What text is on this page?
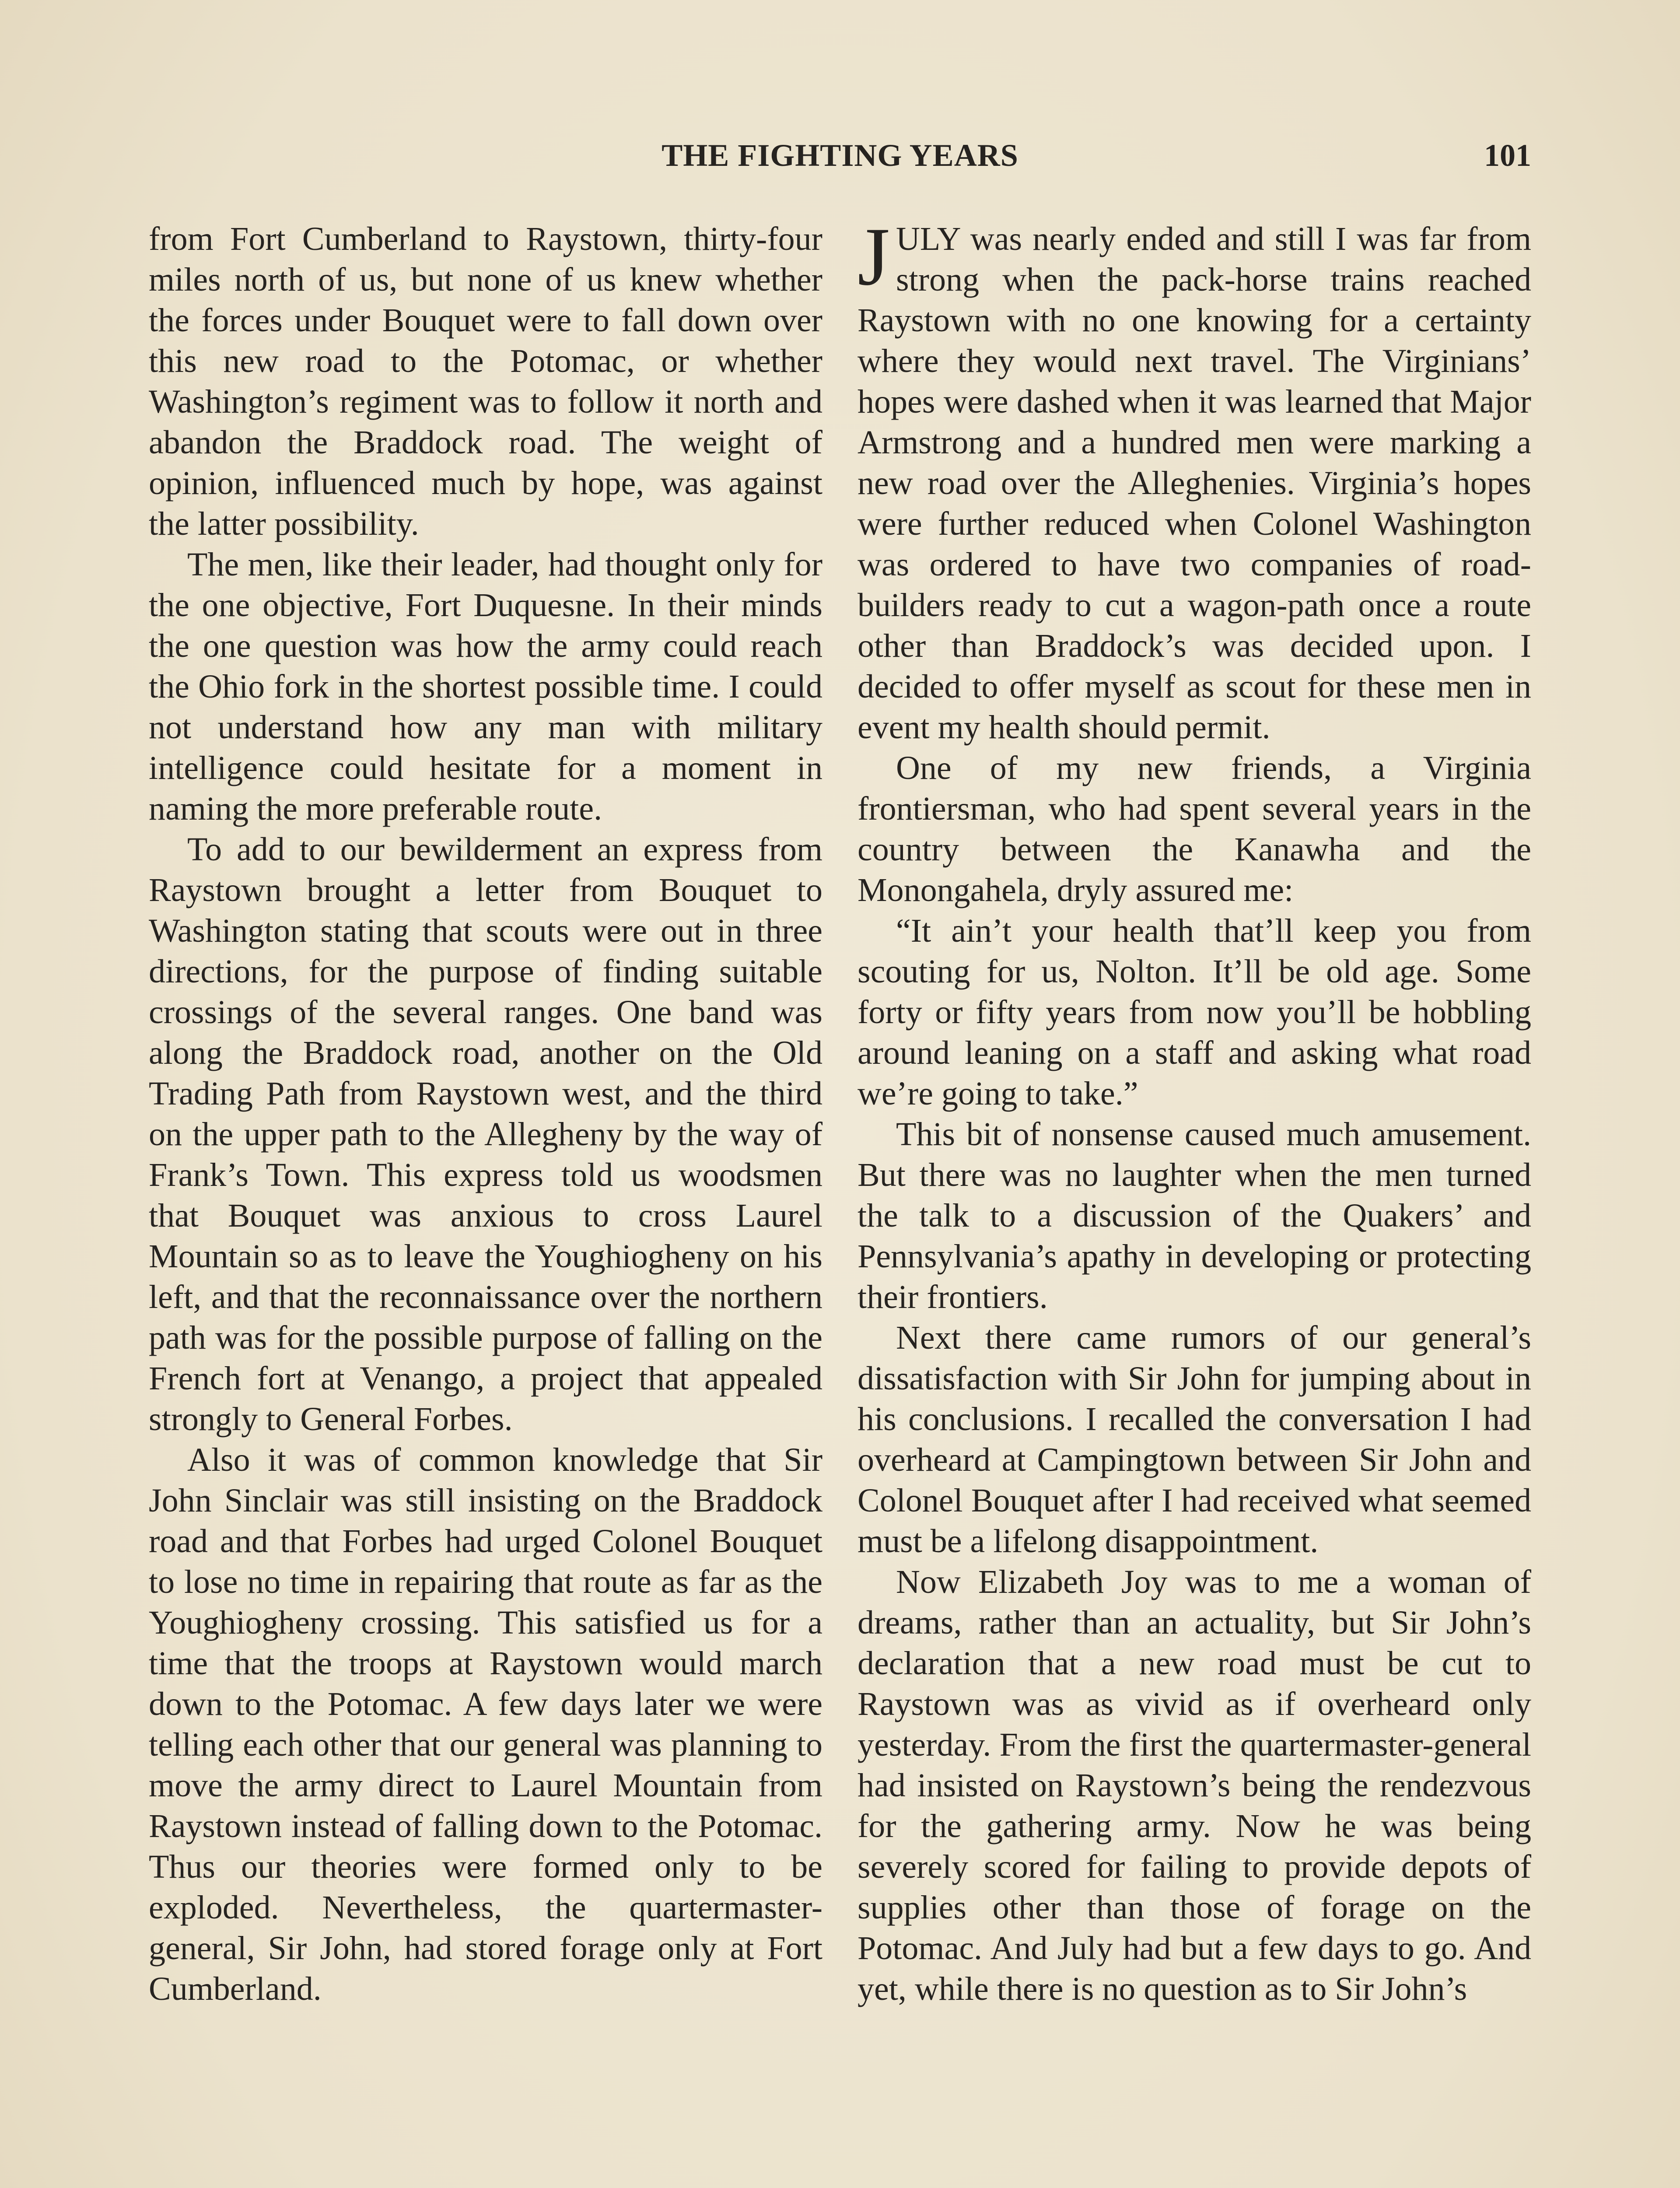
THE FIGHTING YEARS	101

from Fort Cumberland to Raystown, thirty-four miles north of us, but none of us knew whether the forces under Bouquet were to fall down over this new road to the Potomac, or whether Washington’s regiment was to follow it north and abandon the Braddock road. The weight of opinion, influenced much by hope, was against the latter possibility.

The men, like their leader, had thought only for the one objective, Fort Duquesne. In their minds the one question was how the army could reach the Ohio fork in the shortest possible time. I could not understand how any man with military intelligence could hesitate for a moment in naming the more preferable route.

To add to our bewilderment an express from Raystown brought a letter from Bouquet to Washington stating that scouts were out in three directions, for the purpose of finding suitable crossings of the several ranges. One band was along the Braddock road, another on the Old Trading Path from Raystown west, and the third on the upper path to the Allegheny by the way of Frank’s Town. This express told us woodsmen that Bouquet was anxious to cross Laurel Mountain so as to leave the Youghiogheny on his left, and that the reconnaissance over the northern path was for the possible purpose of falling on the French fort at Venango, a project that appealed strongly to General Forbes.

Also it was of common knowledge that Sir John Sinclair was still insisting on the Braddock road and that Forbes had urged Colonel Bouquet to lose no time in repairing that route as far as the Youghiogheny crossing. This satisfied us for a time that the troops at Raystown would march down to the Potomac. A few days later we were telling each other that our general was planning to move the army direct to Laurel Mountain from Raystown instead of falling down to the Potomac. Thus our theories were formed only to be exploded. Nevertheless, the quartermaster-general, Sir John, had stored forage only at Fort Cumberland.

JULY was nearly ended and still I was far from strong when the pack-horse trains reached Raystown with no one knowing for a certainty where they would next travel. The Virginians’ hopes were dashed when it was learned that Major Armstrong and a hundred men were marking a new road over the Alleghenies. Virginia’s hopes were further reduced when Colonel Washington was ordered to have two companies of road-builders ready to cut a wagon-path once a route other than Braddock’s was decided upon. I decided to offer myself as scout for these men in event my health should permit.

One of my new friends, a Virginia frontiersman, who had spent several years in the country between the Kanawha and the Monongahela, dryly assured me:

“It ain’t your health that’ll keep you from scouting for us, Nolton. It’ll be old age. Some forty or fifty years from now you’ll be hobbling around leaning on a staff and asking what road we’re going to take.”

This bit of nonsense caused much amusement. But there was no laughter when the men turned the talk to a discussion of the Quakers’ and Pennsylvania’s apathy in developing or protecting their frontiers.

Next there came rumors of our general’s dissatisfaction with Sir John for jumping about in his conclusions. I recalled the conversation I had overheard at Campingtown between Sir John and Colonel Bouquet after I had received what seemed must be a lifelong disappointment.

Now Elizabeth Joy was to me a woman of dreams, rather than an actuality, but Sir John’s declaration that a new road must be cut to Raystown was as vivid as if overheard only yesterday. From the first the quartermaster-general had insisted on Raystown’s being the rendezvous for the gathering army. Now he was being severely scored for failing to provide depots of supplies other than those of forage on the Potomac. And July had but a few days to go. And yet, while there is no question as to Sir John’s
